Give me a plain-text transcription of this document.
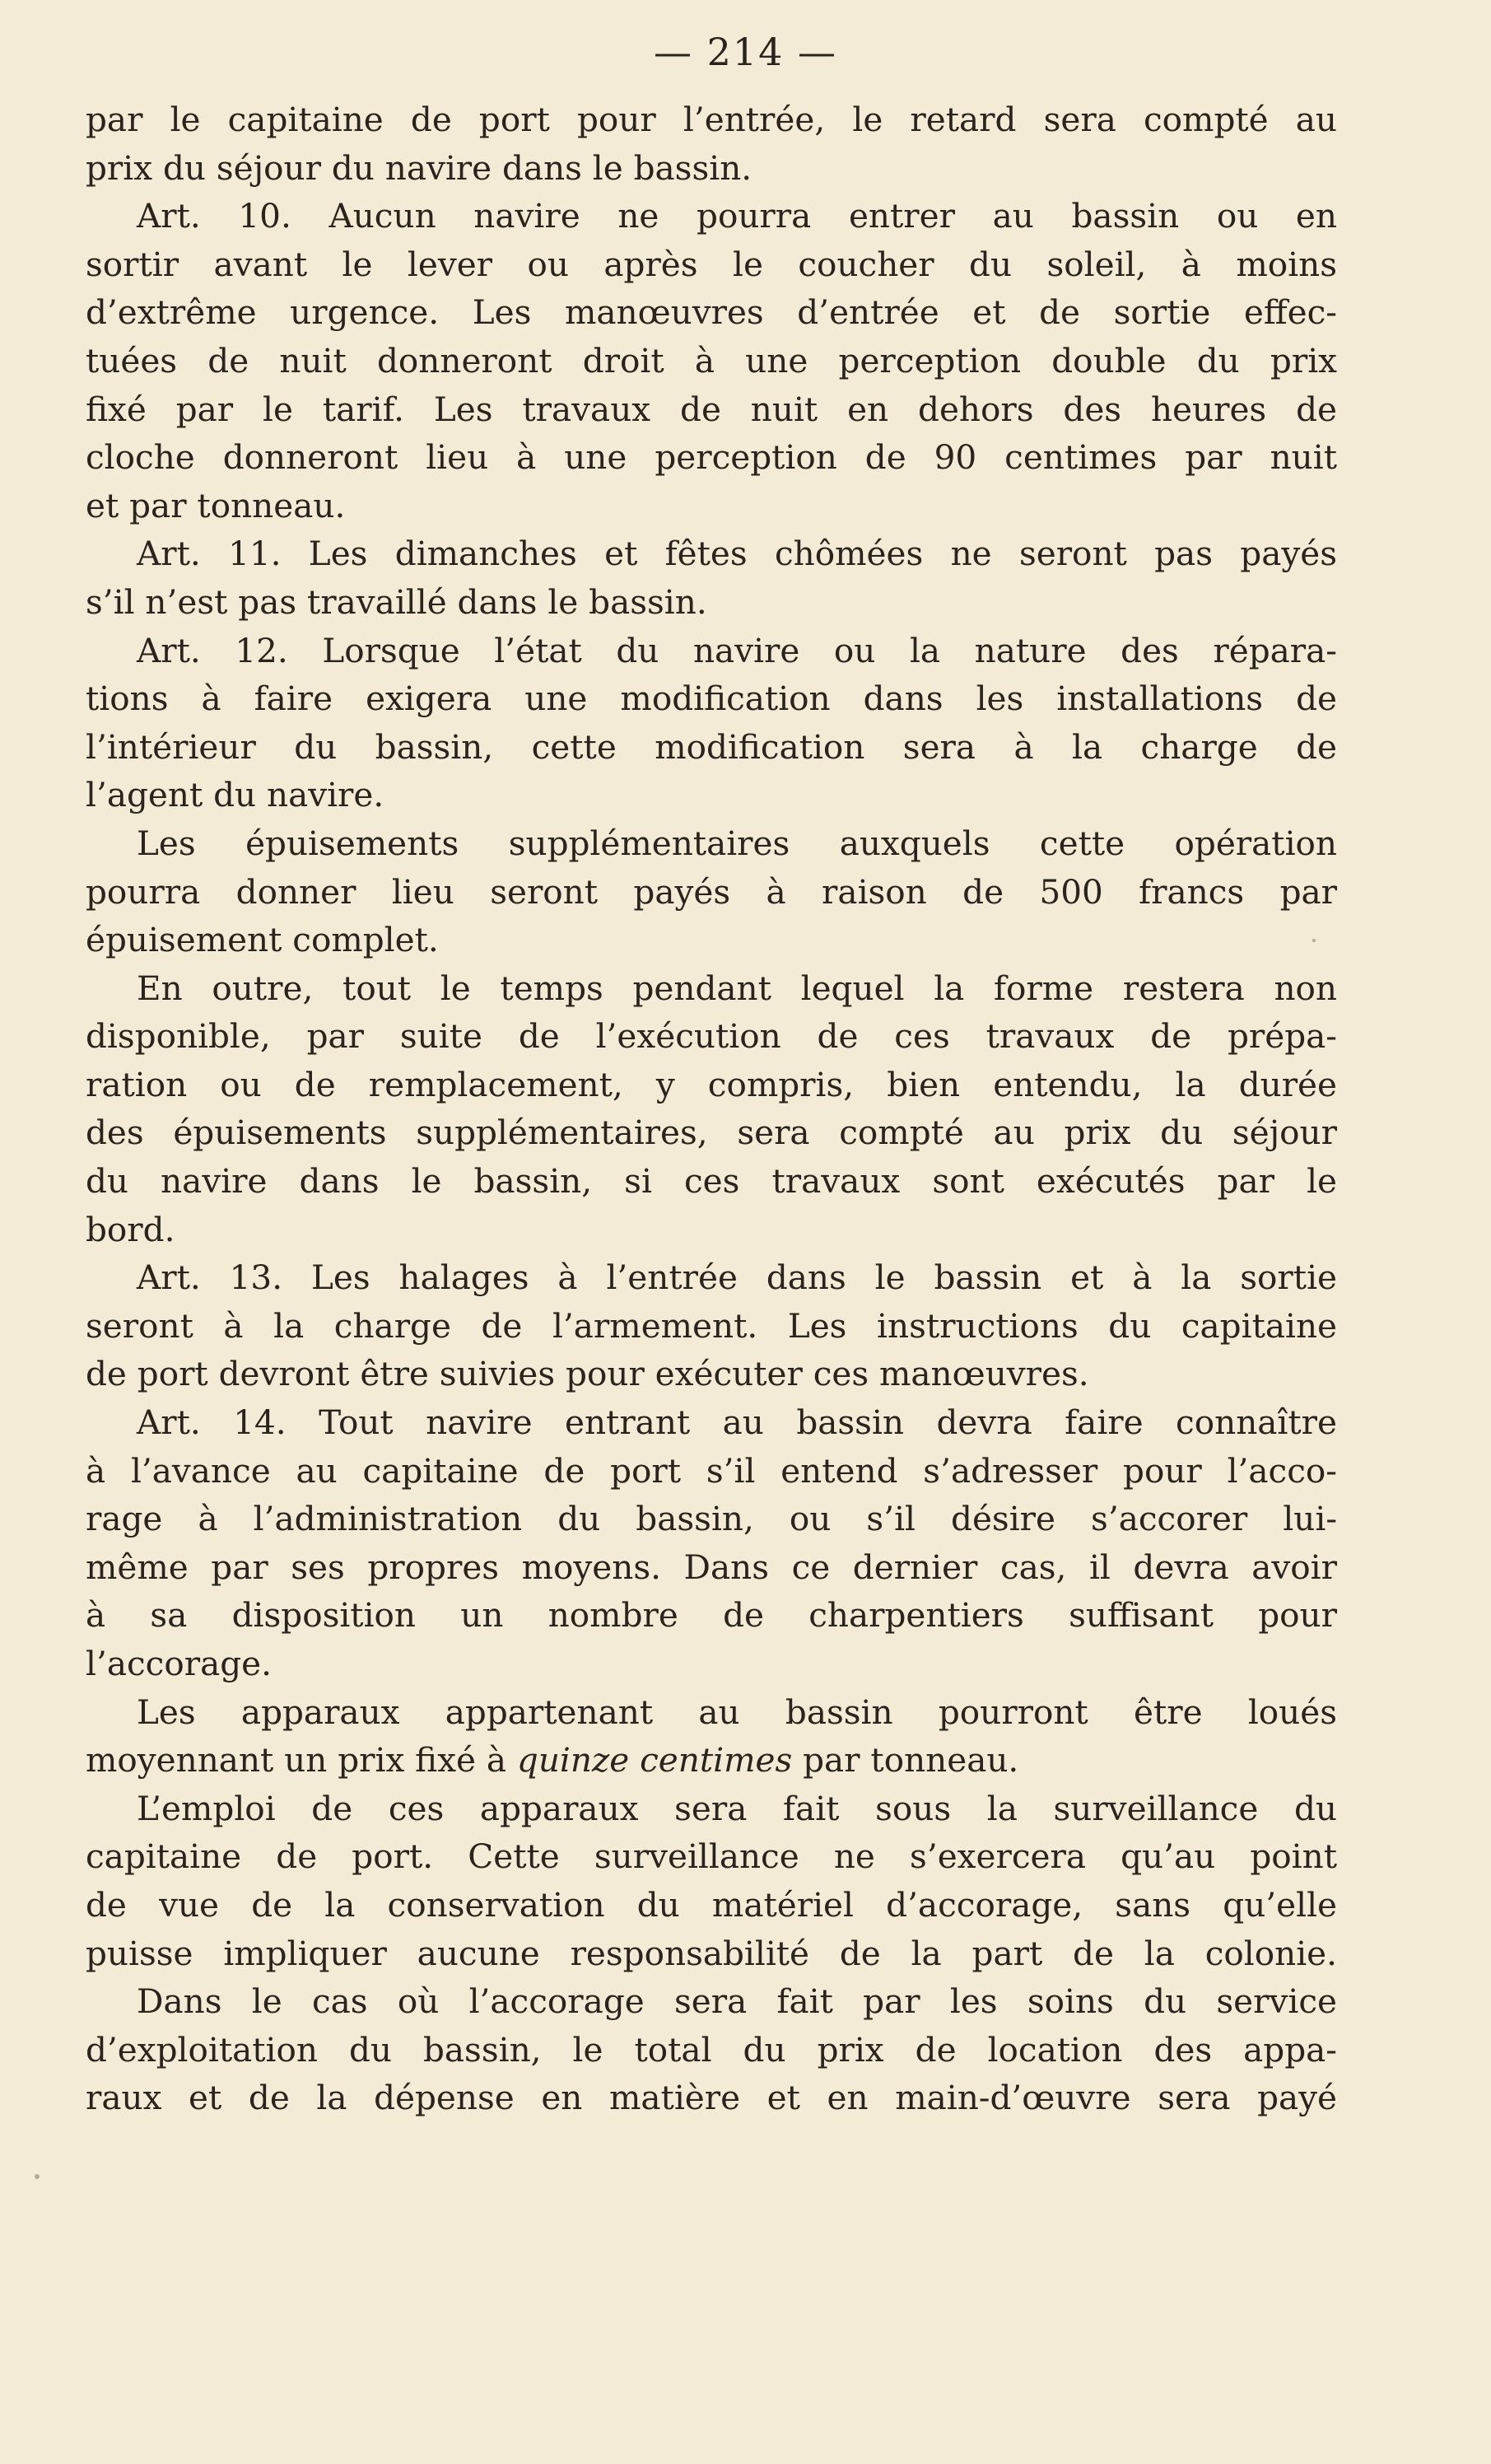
— 214 —
par le capitaine de port pour l’entrée, le retard sera compté au
prix du séjour du navire dans le bassin.
Art. 10. Aucun navire ne pourra entrer au bassin ou en
sortir avant le lever ou après le coucher du soleil, à moins
d’extrême urgence. Les manœuvres d’entrée et de sortie effec-
tuées de nuit donneront droit à une perception double du prix
fixé par le tarif. Les travaux de nuit en dehors des heures de
cloche donneront lieu à une perception de 90 centimes par nuit
et par tonneau.
Art. 11. Les dimanches et fêtes chômées ne seront pas payés
s’il n’est pas travaillé dans le bassin.
Art. 12. Lorsque l’état du navire ou la nature des répara-
tions à faire exigera une modification dans les installations de
l’intérieur du bassin, cette modification sera à la charge de
l’agent du navire.
Les épuisements supplémentaires auxquels cette opération
pourra donner lieu seront payés à raison de 500 francs par
épuisement complet.
En outre, tout le temps pendant lequel la forme restera non
disponible, par suite de l’exécution de ces travaux de prépa-
ration ou de remplacement, y compris, bien entendu, la durée
des épuisements supplémentaires, sera compté au prix du séjour
du navire dans le bassin, si ces travaux sont exécutés par le
bord.
Art. 13. Les halages à l’entrée dans le bassin et à la sortie
seront à la charge de l’armement. Les instructions du capitaine
de port devront être suivies pour exécuter ces manœuvres.
Art. 14. Tout navire entrant au bassin devra faire connaître
à l’avance au capitaine de port s’il entend s’adresser pour l’acco-
rage à l’administration du bassin, ou s’il désire s’accorer lui-
même par ses propres moyens. Dans ce dernier cas, il devra avoir
à sa disposition un nombre de charpentiers suffisant pour
l’accorage.
Les apparaux appartenant au bassin pourront être loués
moyennant un prix fixé à quinze centimes par tonneau.
L’emploi de ces apparaux sera fait sous la surveillance du
capitaine de port. Cette surveillance ne s’exercera qu’au point
de vue de la conservation du matériel d’accorage, sans qu’elle
puisse impliquer aucune responsabilité de la part de la colonie.
Dans le cas où l’accorage sera fait par les soins du service
d’exploitation du bassin, le total du prix de location des appa-
raux et de la dépense en matière et en main-d’œuvre sera payé
